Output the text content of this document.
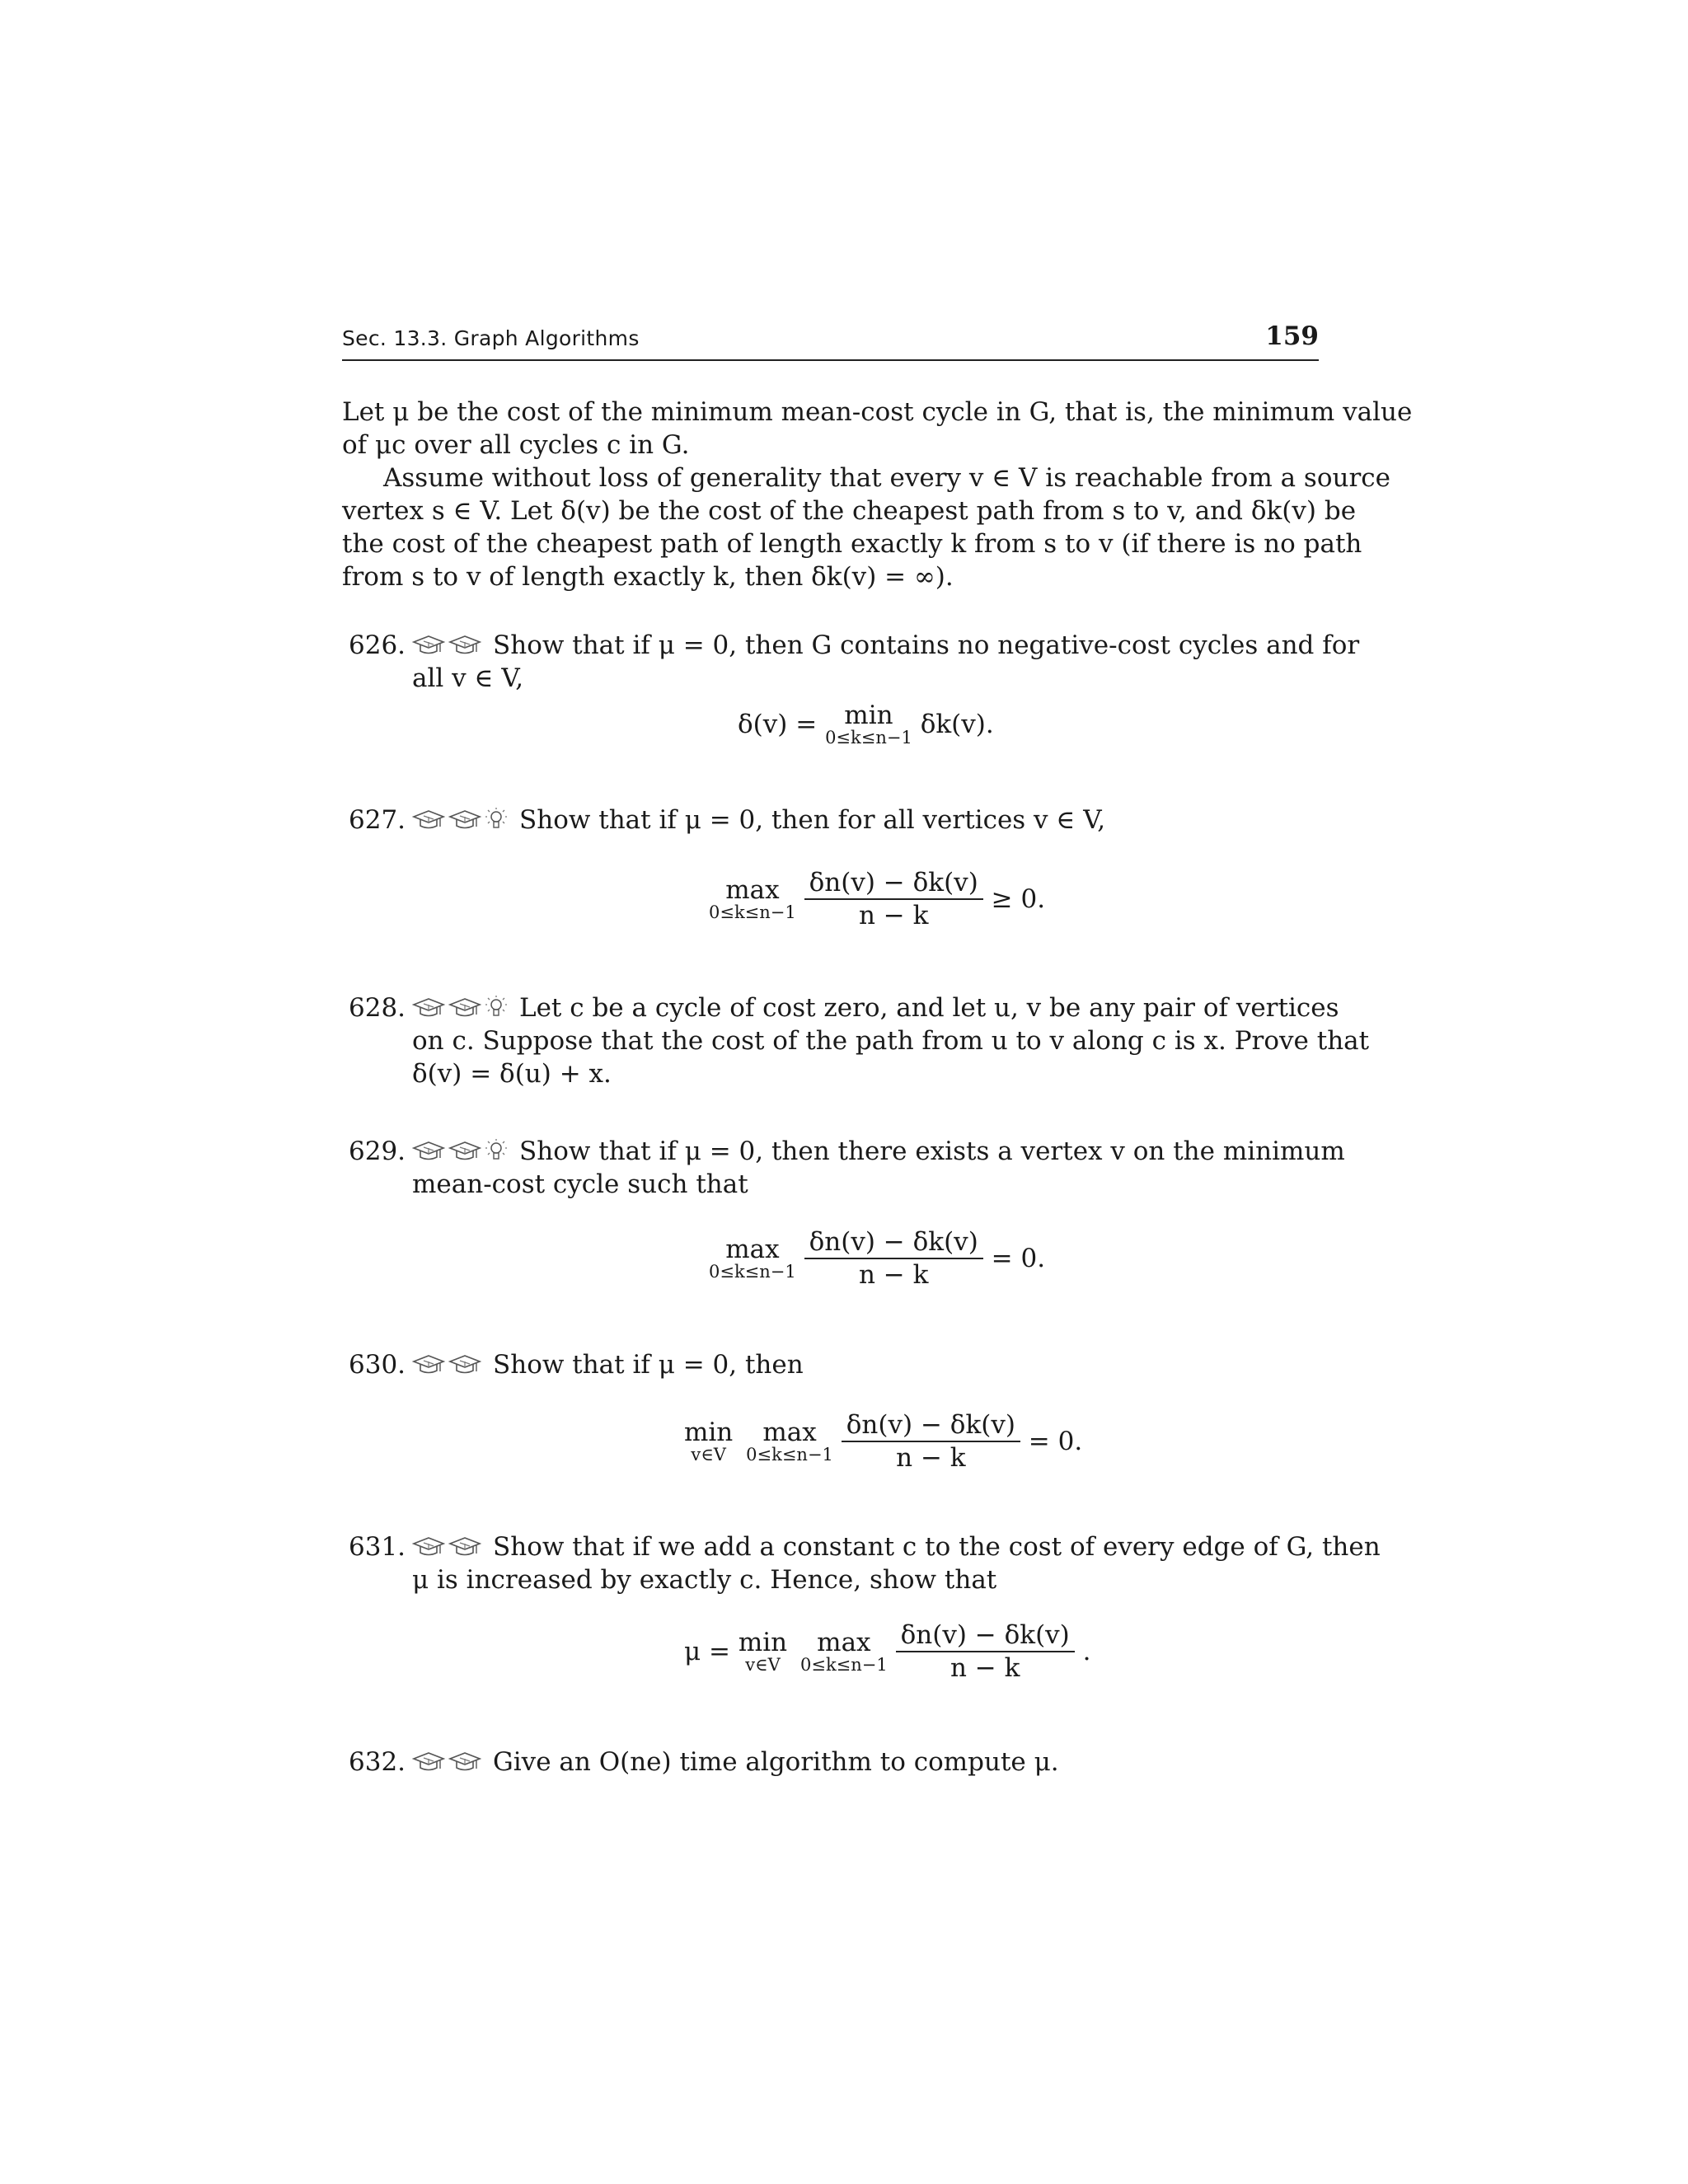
Sec. 13.3. Graph Algorithms	159
Let μ be the cost of the minimum mean-cost cycle in G, that is, the minimum value
of μc over all cycles c in G.
Assume without loss of generality that every v ∈ V is reachable from a source
vertex s ∈ V. Let δ(v) be the cost of the cheapest path from s to v, and δk(v) be
the cost of the cheapest path of length exactly k from s to v (if there is no path
from s to v of length exactly k, then δk(v) = ∞).
626.	Show that if μ = 0, then G contains no negative-cost cycles and for
all v ∈ V,
δ(v) =	min
0≤k≤n−1 δk(v).
627.	Show that if μ = 0, then for all vertices v ∈ V,
max
0≤k≤n−1
$\frac{\delta n(v) - \delta k(v)}{n - k} \ge 0$.
628.	Let c be a cycle of cost zero, and let u, v be any pair of vertices
on c. Suppose that the cost of the path from u to v along c is x. Prove that
δ(v) = δ(u) + x.
629.	Show that if μ = 0, then there exists a vertex v on the minimum
mean-cost cycle such that
max
0≤k≤n−1
$\frac{\delta n(v) - \delta k(v)}{n - k} = 0$.
630.	Show that if μ = 0, then
min
v∈V

max
0≤k≤n−1
$\frac{\delta n(v) - \delta k(v)}{n - k} = 0$.
631.	Show that if we add a constant c to the cost of every edge of G, then
μ is increased by exactly c. Hence, show that
μ = min
v∈V

max
0≤k≤n−1
$\frac{\delta n(v) - \delta k(v)}{n - k}$ .
632.	Give an O(ne) time algorithm to compute μ.
